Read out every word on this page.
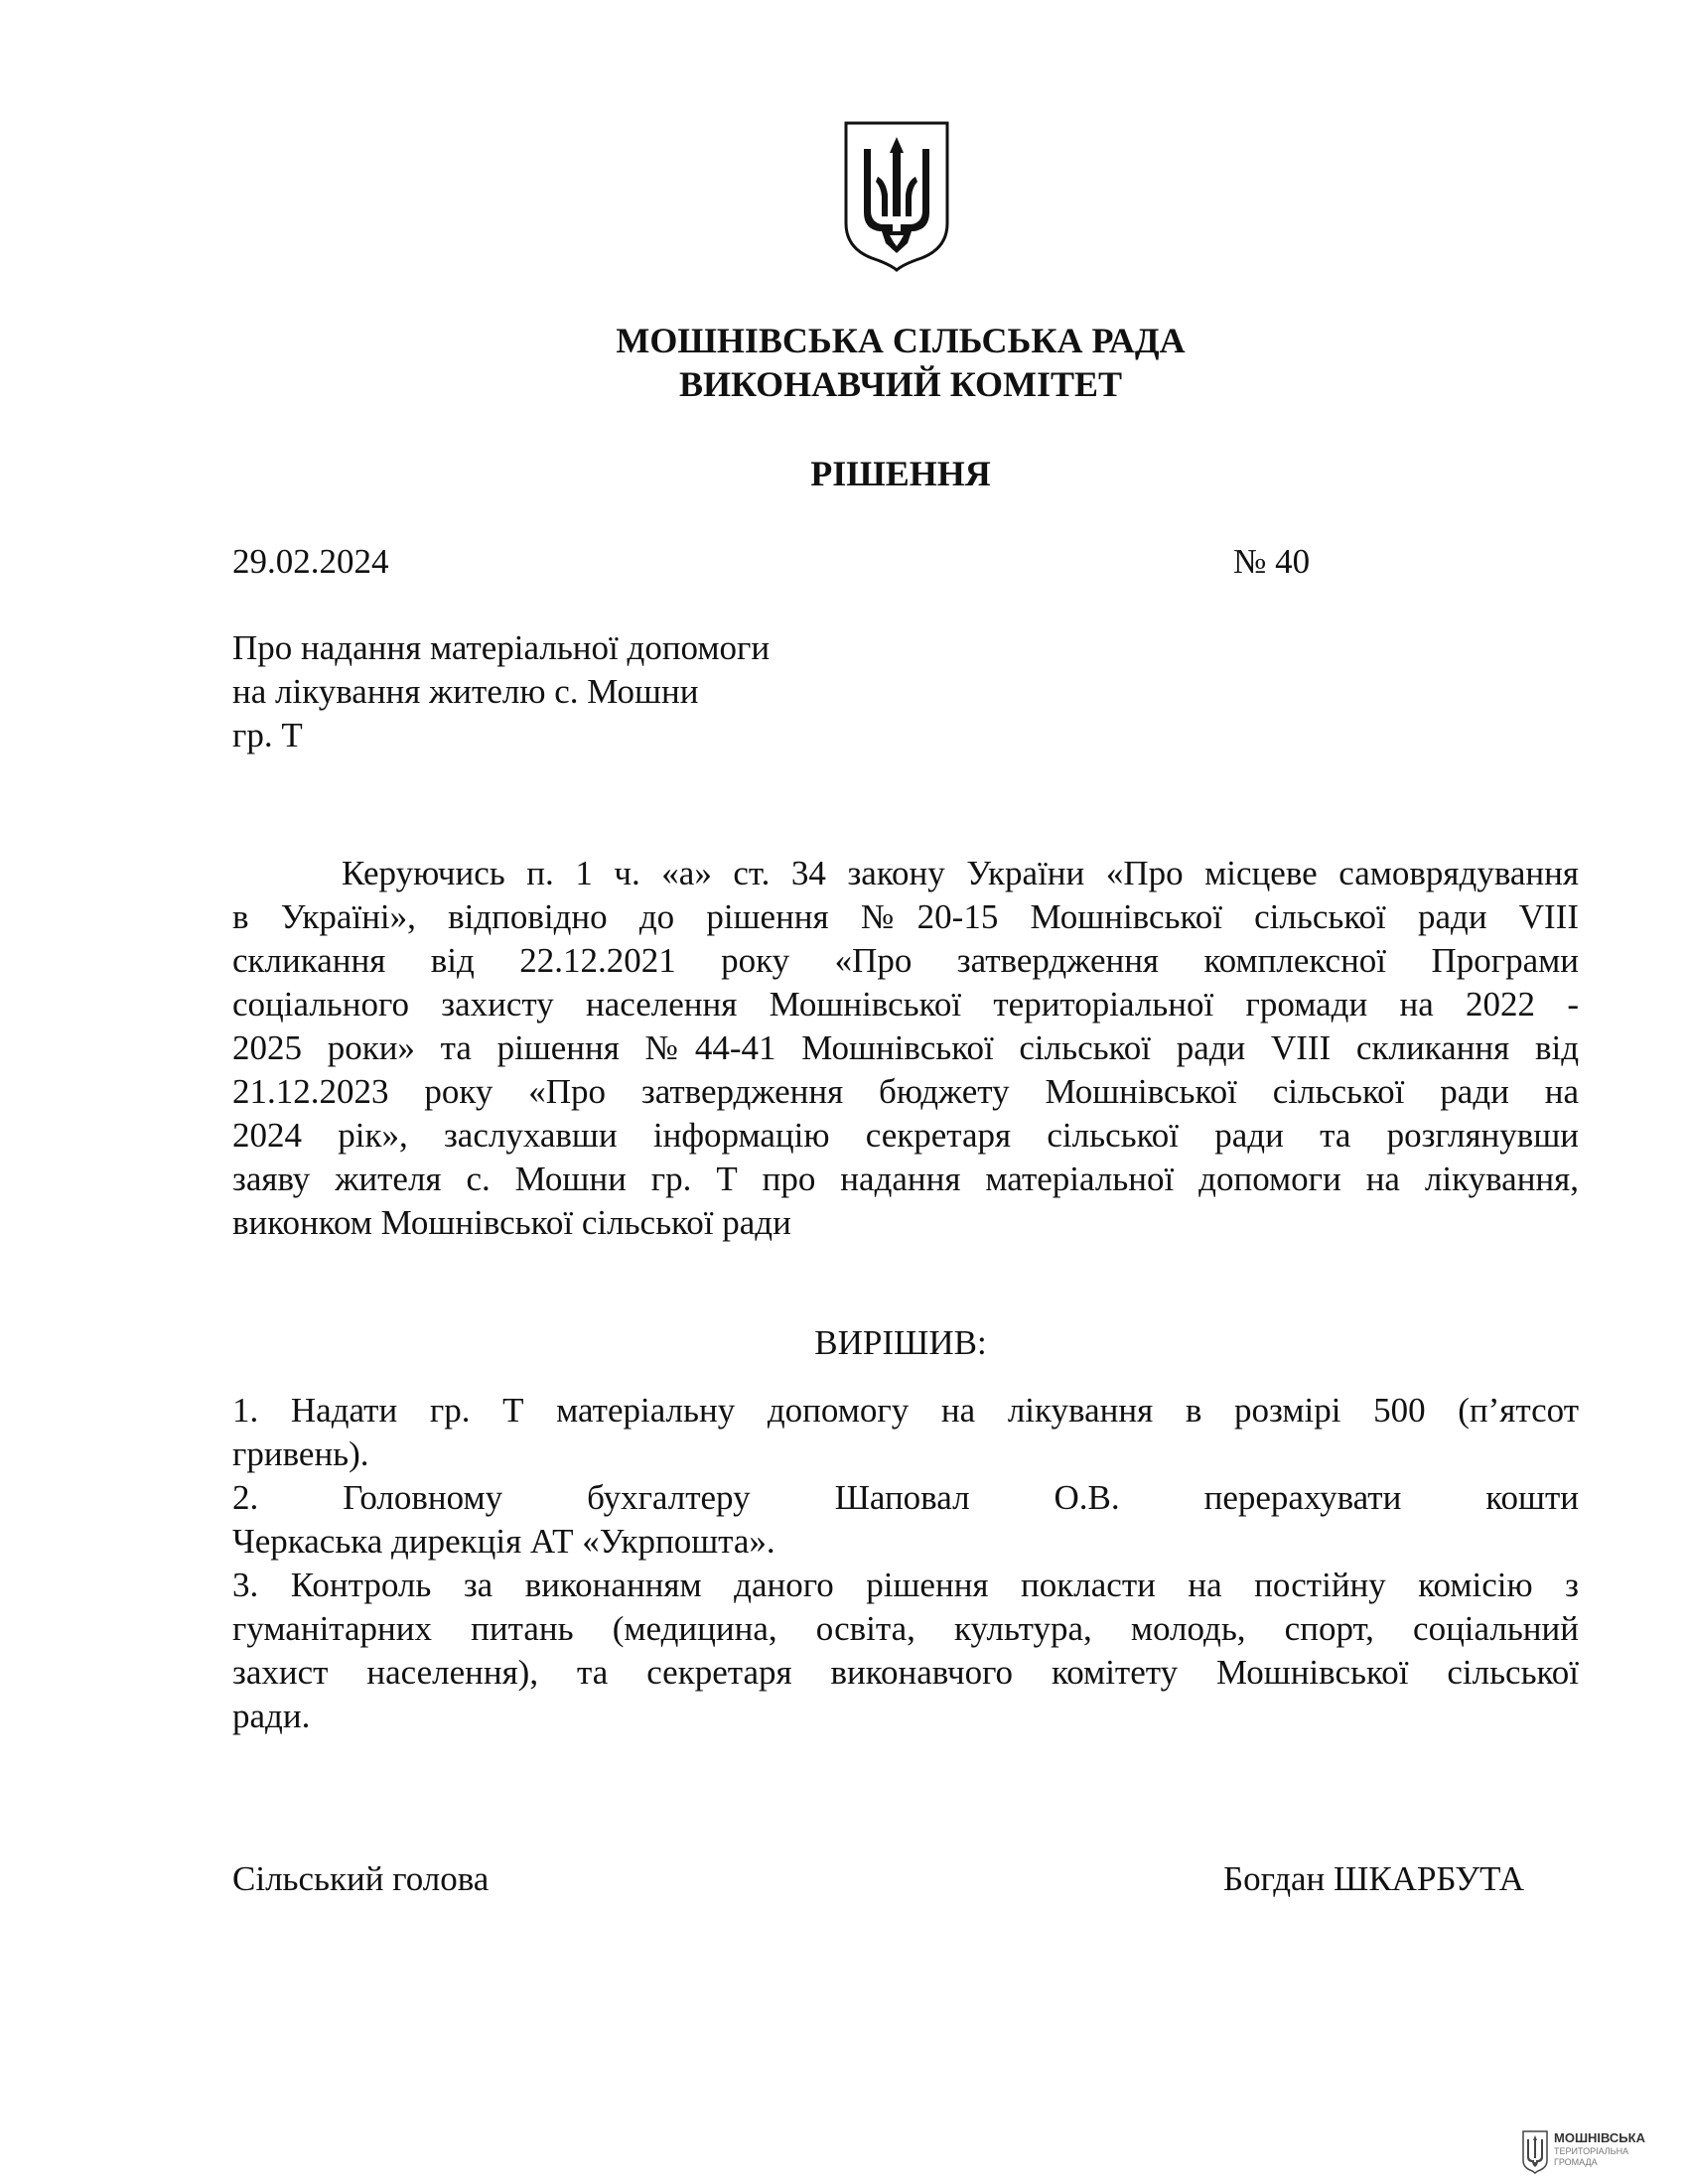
МОШНІВСЬКА СІЛЬСЬКА РАДА
ВИКОНАВЧИЙ КОМІТЕТ
РІШЕННЯ
29.02.2024	№ 40
Про надання матеріальної допомоги
на лікування жителю с. Мошни
гр. Т
Керуючись п. 1 ч. «а» ст. 34 закону України «Про місцеве самоврядування
в Україні», відповідно до рішення №20-15 Мошнівської сільської ради VIII
скликання від 22.12.2021 року «Про затвердження комплексної Програми
соціального захисту населення Мошнівської територіальної громади на 2022 -
2025 роки» та рішення №44-41 Мошнівської сільської ради VIII скликання від
21.12.2023 року «Про затвердження бюджету Мошнівської сільської ради на
2024 рік», заслухавши інформацію секретаря сільської ради та розглянувши
заяву жителя с. Мошни гр. Т про надання матеріальної допомоги на лікування,
виконком Мошнівської сільської ради
ВИРІШИВ:
1. Надати гр. Т матеріальну допомогу на лікування в розмірі 500 (п’ятсот
гривень).
2. Головному бухгалтеру Шаповал О.В. перерахувати кошти
Черкаська дирекція АТ «Укрпошта».
3. Контроль за виконанням даного рішення покласти на постійну комісію з
гуманітарних питань (медицина, освіта, культура, молодь, спорт, соціальний
захист населення), та секретаря виконавчого комітету Мошнівської сільської
ради.
Сільський голова	Богдан ШКАРБУТА
МОШНІВСЬКА
ТЕРИТОРІАЛЬНА
ГРОМАДА
